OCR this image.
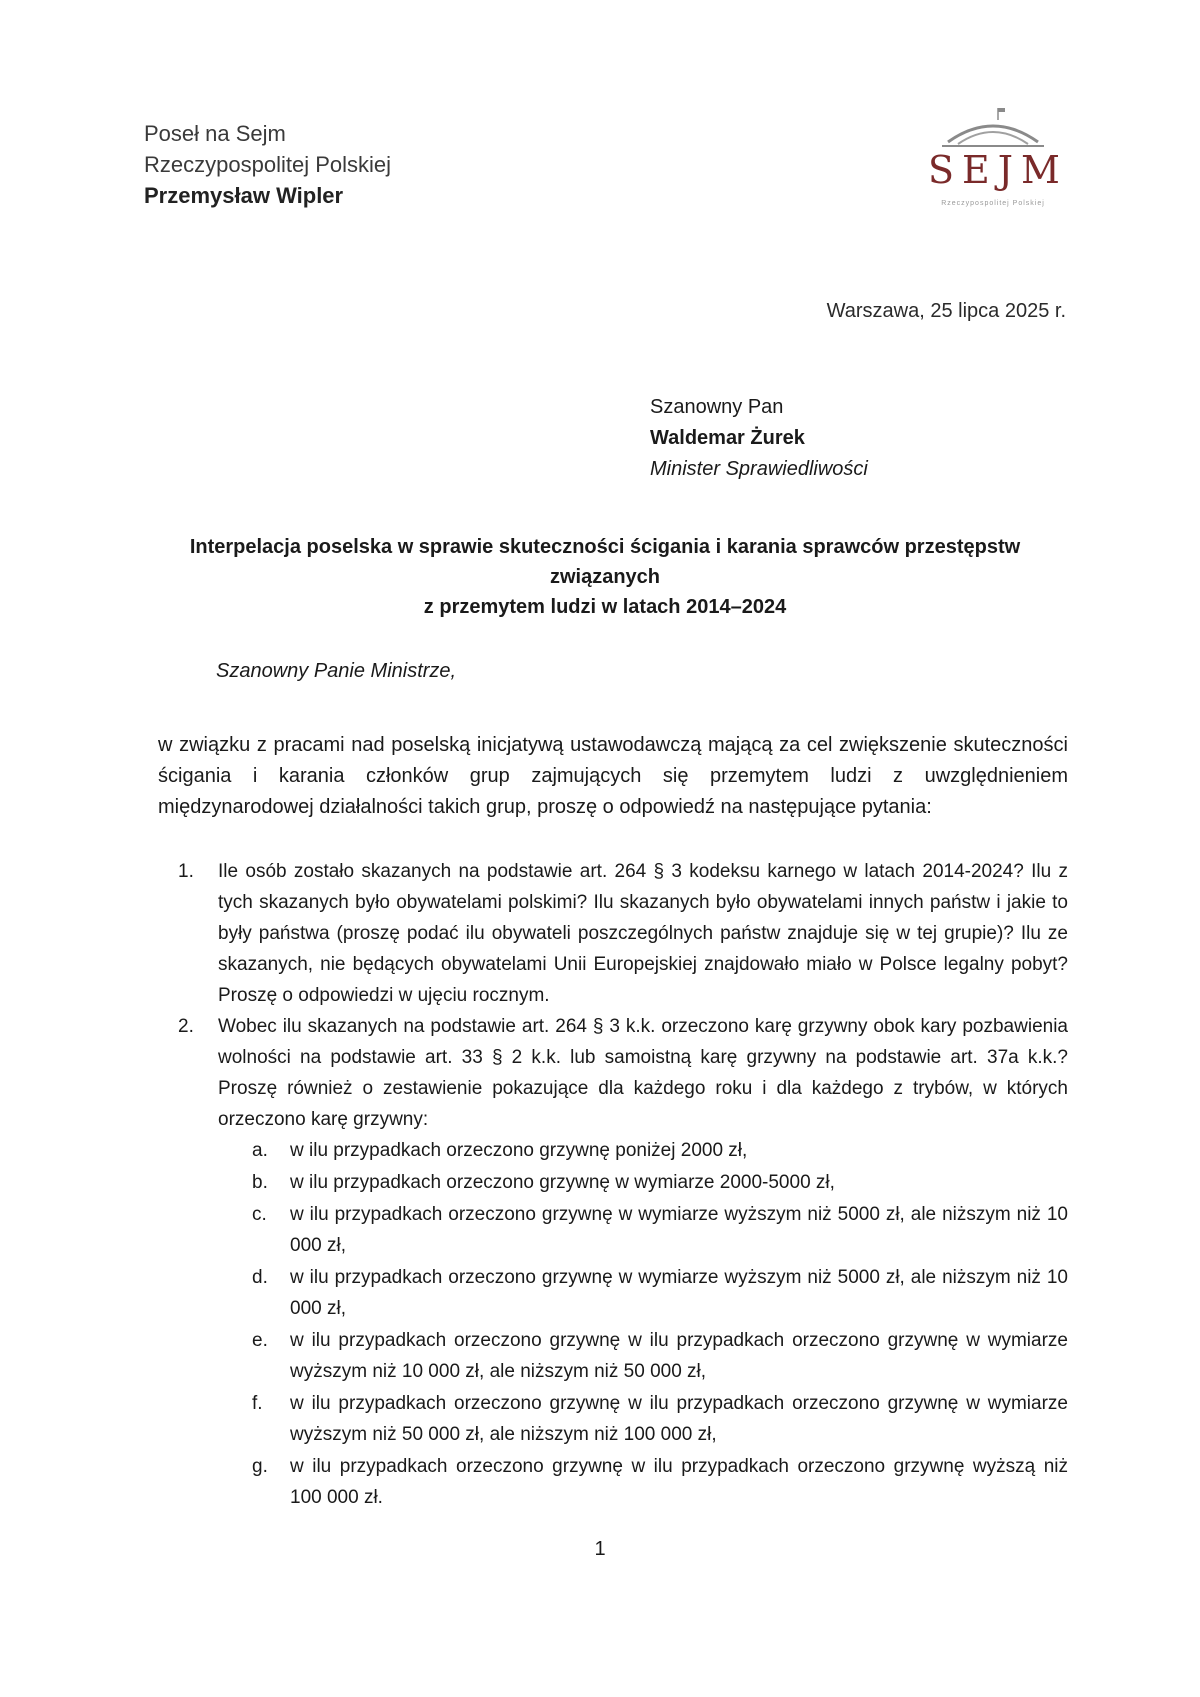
Poseł na Sejm
Rzeczypospolitej Polskiej
Przemysław Wipler
SEJM
Rzeczypospolitej Polskiej
Warszawa, 25 lipca 2025 r.
Szanowny Pan
Waldemar Żurek
Minister Sprawiedliwości
Interpelacja poselska w sprawie skuteczności ścigania i karania sprawców przestępstw związanych
z przemytem ludzi w latach 2014–2024
Szanowny Panie Ministrze,
w związku z pracami nad poselską inicjatywą ustawodawczą mającą za cel zwiększenie skuteczności ścigania i karania członków grup zajmujących się przemytem ludzi z uwzględnieniem międzynarodowej działalności takich grup, proszę o odpowiedź na następujące pytania:
1. Ile osób zostało skazanych na podstawie art. 264 § 3 kodeksu karnego w latach 2014-2024? Ilu z tych skazanych było obywatelami polskimi? Ilu skazanych było obywatelami innych państw i jakie to były państwa (proszę podać ilu obywateli poszczególnych państw znajduje się w tej grupie)? Ilu ze skazanych, nie będących obywatelami Unii Europejskiej znajdowało miało w Polsce legalny pobyt? Proszę o odpowiedzi w ujęciu rocznym.
2. Wobec ilu skazanych na podstawie art. 264 § 3 k.k. orzeczono karę grzywny obok kary pozbawienia wolności na podstawie art. 33 § 2 k.k. lub samoistną karę grzywny na podstawie art. 37a k.k.? Proszę również o zestawienie pokazujące dla każdego roku i dla każdego z trybów, w których orzeczono karę grzywny:
a. w ilu przypadkach orzeczono grzywnę poniżej 2000 zł,
b. w ilu przypadkach orzeczono grzywnę w wymiarze 2000-5000 zł,
c. w ilu przypadkach orzeczono grzywnę w wymiarze wyższym niż 5000 zł, ale niższym niż 10 000 zł,
d. w ilu przypadkach orzeczono grzywnę w wymiarze wyższym niż 5000 zł, ale niższym niż 10 000 zł,
e. w ilu przypadkach orzeczono grzywnę w ilu przypadkach orzeczono grzywnę w wymiarze wyższym niż 10 000 zł, ale niższym niż 50 000 zł,
f. w ilu przypadkach orzeczono grzywnę w ilu przypadkach orzeczono grzywnę w wymiarze wyższym niż 50 000 zł, ale niższym niż 100 000 zł,
g. w ilu przypadkach orzeczono grzywnę w ilu przypadkach orzeczono grzywnę wyższą niż 100 000 zł.
1
